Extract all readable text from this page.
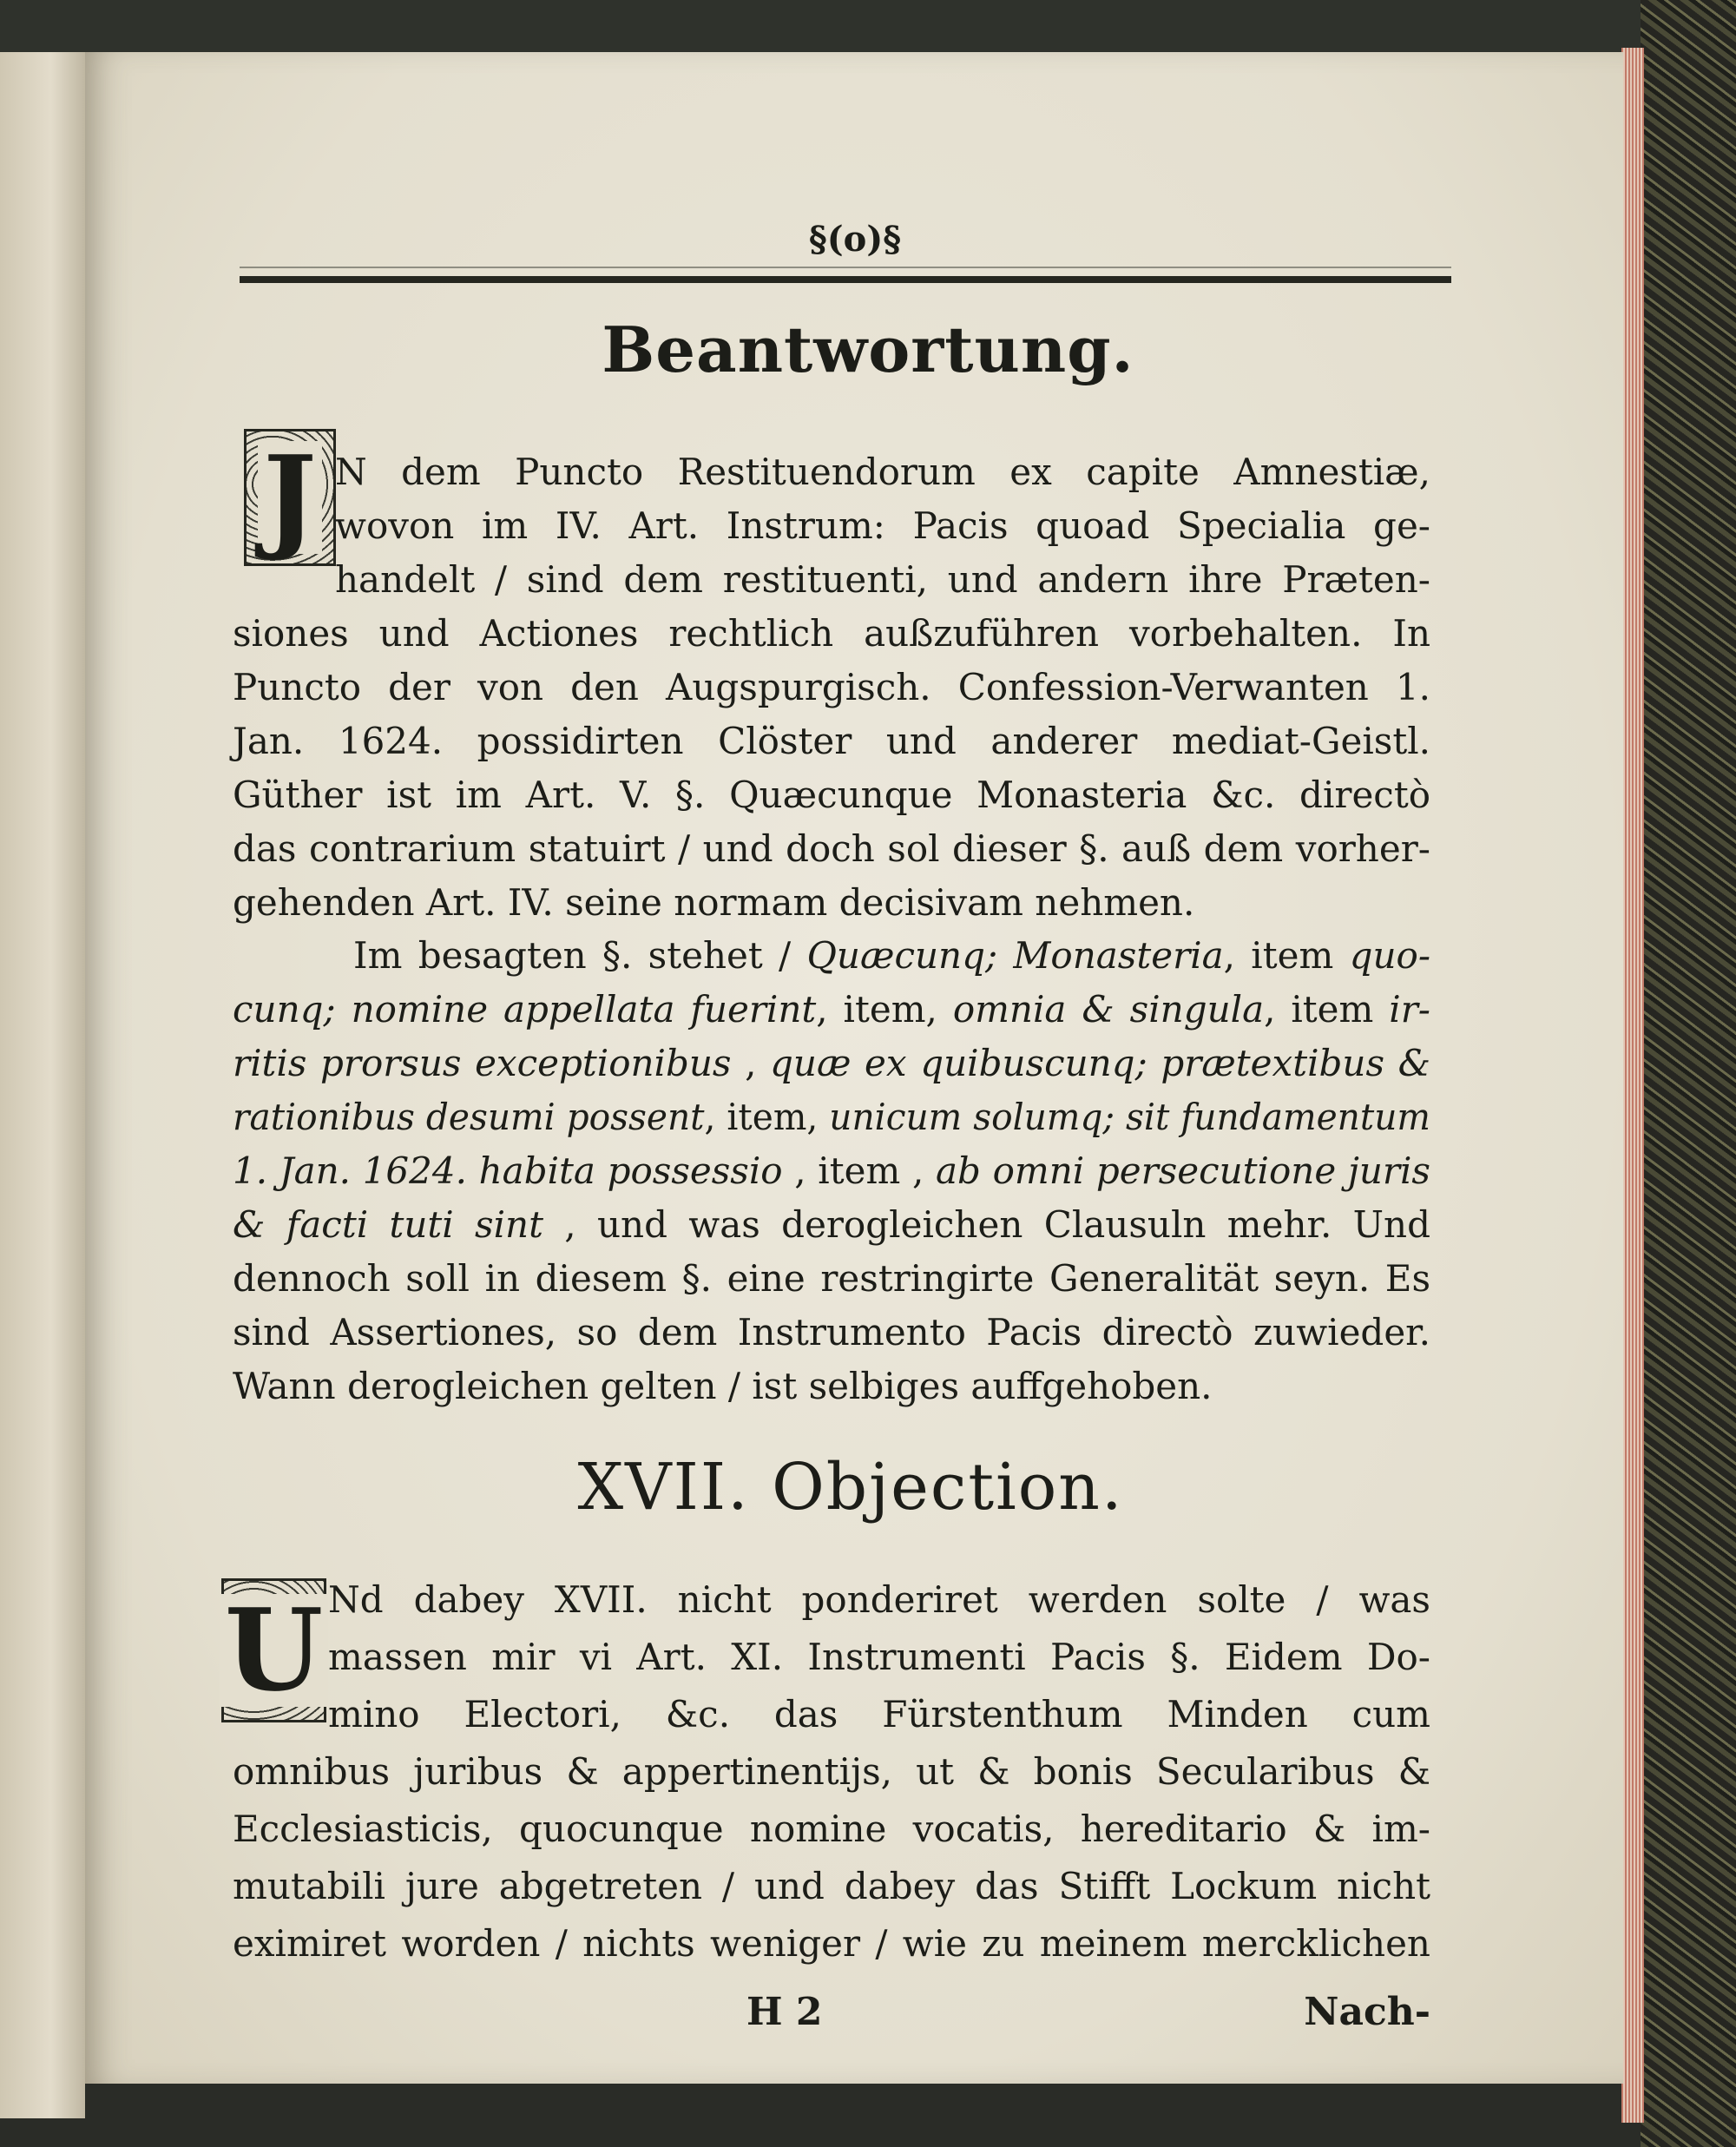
§(o)§
Beantwortung.
XVII. Objection.
J
U
N dem Puncto Restituendorum ex capite Amnestiæ,
wovon im IV. Art. Instrum: Pacis quoad Specialia ge-
handelt / sind dem restituenti, und andern ihre Præten-
siones und Actiones rechtlich außzuführen vorbehalten. In
Puncto der von den Augspurgisch. Confession-Verwanten 1.
Jan. 1624. possidirten Clöster und anderer mediat-Geistl.
Güther ist im Art. V. §. Quæcunque Monasteria &c. directò
das contrarium statuirt / und doch sol dieser §. auß dem vorher-
gehenden Art. IV. seine normam decisivam nehmen.
Im besagten §. stehet / Quæcunq; Monasteria, item quo-
cunq; nomine appellata fuerint, item, omnia & singula, item ir-
ritis prorsus exceptionibus , quæ ex quibuscunq; prætextibus &
rationibus desumi possent, item, unicum solumq; sit fundamentum
1. Jan. 1624. habita possessio , item , ab omni persecutione juris
& facti tuti sint , und was derogleichen Clausuln mehr. Und
dennoch soll in diesem §. eine restringirte Generalität seyn. Es
sind Assertiones, so dem Instrumento Pacis directò zuwieder.
Wann derogleichen gelten / ist selbiges auffgehoben.
Nd dabey XVII. nicht ponderiret werden solte / was
massen mir vi Art. XI. Instrumenti Pacis §. Eidem Do-
mino Electori, &c. das Fürstenthum Minden cum
omnibus juribus & appertinentijs, ut & bonis Secularibus &
Ecclesiasticis, quocunque nomine vocatis, hereditario & im-
mutabili jure abgetreten / und dabey das Stifft Lockum nicht
eximiret worden / nichts weniger / wie zu meinem mercklichen
H 2	Nach-
